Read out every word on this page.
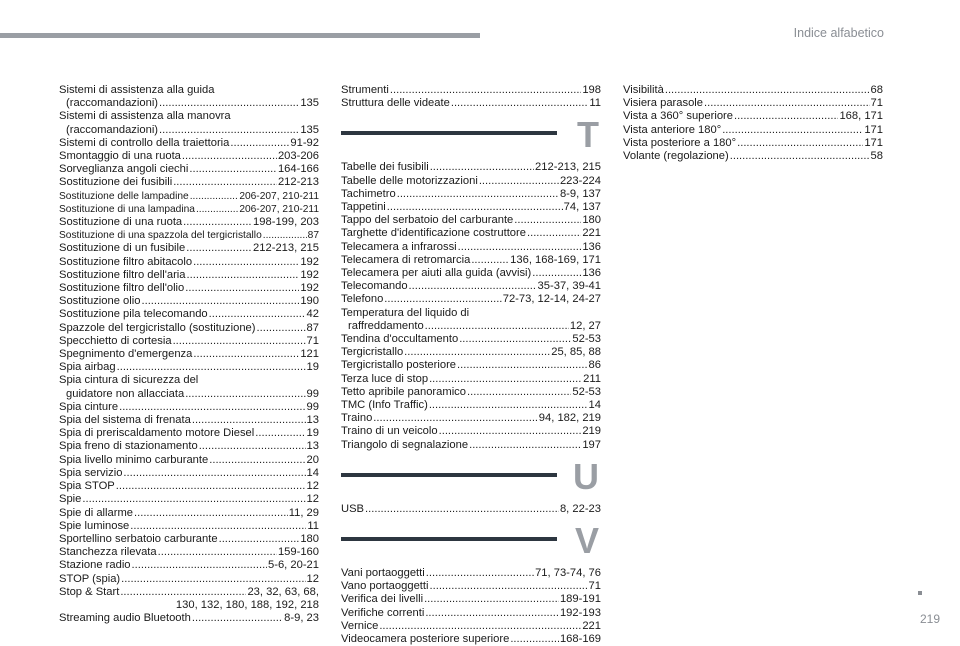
Indice alfabetico
Sistemi di assistenza alla guida
(raccomandazioni) .....	135
Sistemi di assistenza alla manovra
(raccomandazioni) .....	135
Sistemi di controllo della traiettoria .....	91-92
Smontaggio di una ruota .....	203-206
Sorveglianza angoli ciechi .....	164-166
Sostituzione dei fusibili .....	212-213
Sostituzione delle lampadine .....	206-207, 210-211
Sostituzione di una lampadina .....	206-207, 210-211
Sostituzione di una ruota .....	198-199, 203
Sostituzione di una spazzola del tergicristallo .....	87
Sostituzione di un fusibile .....	212-213, 215
Sostituzione filtro abitacolo .....	192
Sostituzione filtro dell'aria .....	192
Sostituzione filtro dell'olio .....	192
Sostituzione olio .....	190
Sostituzione pila telecomando .....	42
Spazzole del tergicristallo (sostituzione) .....	87
Specchietto di cortesia .....	71
Spegnimento d'emergenza .....	121
Spia airbag .....	19
Spia cintura di sicurezza del
guidatore non allacciata .....	99
Spia cinture .....	99
Spia del sistema di frenata .....	13
Spia di preriscaldamento motore Diesel .....	19
Spia freno di stazionamento .....	13
Spia livello minimo carburante .....	20
Spia servizio .....	14
Spia STOP .....	12
Spie .....	12
Spie di allarme .....	11, 29
Spie luminose .....	11
Sportellino serbatoio carburante .....	180
Stanchezza rilevata .....	159-160
Stazione radio .....	5-6, 20-21
STOP (spia) .....	12
Stop & Start .....	23, 32, 63, 68,
130, 132, 180, 188, 192, 218
Streaming audio Bluetooth .....	8-9, 23
Strumenti .....	198
Struttura delle videate .....	11
T
Tabelle dei fusibili .....	212-213, 215
Tabelle delle motorizzazioni .....	223-224
Tachimetro .....	8-9, 137
Tappetini .....	74, 137
Tappo del serbatoio del carburante .....	180
Targhette d'identificazione costruttore .....	221
Telecamera a infrarossi .....	136
Telecamera di retromarcia .....	136, 168-169, 171
Telecamera per aiuti alla guida (avvisi) .....	136
Telecomando .....	35-37, 39-41
Telefono .....	72-73, 12-14, 24-27
Temperatura del liquido di
raffreddamento .....	12, 27
Tendina d'occultamento .....	52-53
Tergicristallo .....	25, 85, 88
Tergicristallo posteriore .....	86
Terza luce di stop .....	211
Tetto apribile panoramico .....	52-53
TMC (Info Traffic) .....	14
Traino .....	94, 182, 219
Traino di un veicolo .....	219
Triangolo di segnalazione .....	197
U
USB .....	8, 22-23
V
Vani portaoggetti .....	71, 73-74, 76
Vano portaoggetti .....	71
Verifica dei livelli .....	189-191
Verifiche correnti .....	192-193
Vernice .....	221
Videocamera posteriore superiore .....	168-169
Visibilità .....	68
Visiera parasole .....	71
Vista a 360° superiore .....	168, 171
Vista anteriore 180° .....	171
Vista posteriore a 180° .....	171
Volante (regolazione) .....	58
219
